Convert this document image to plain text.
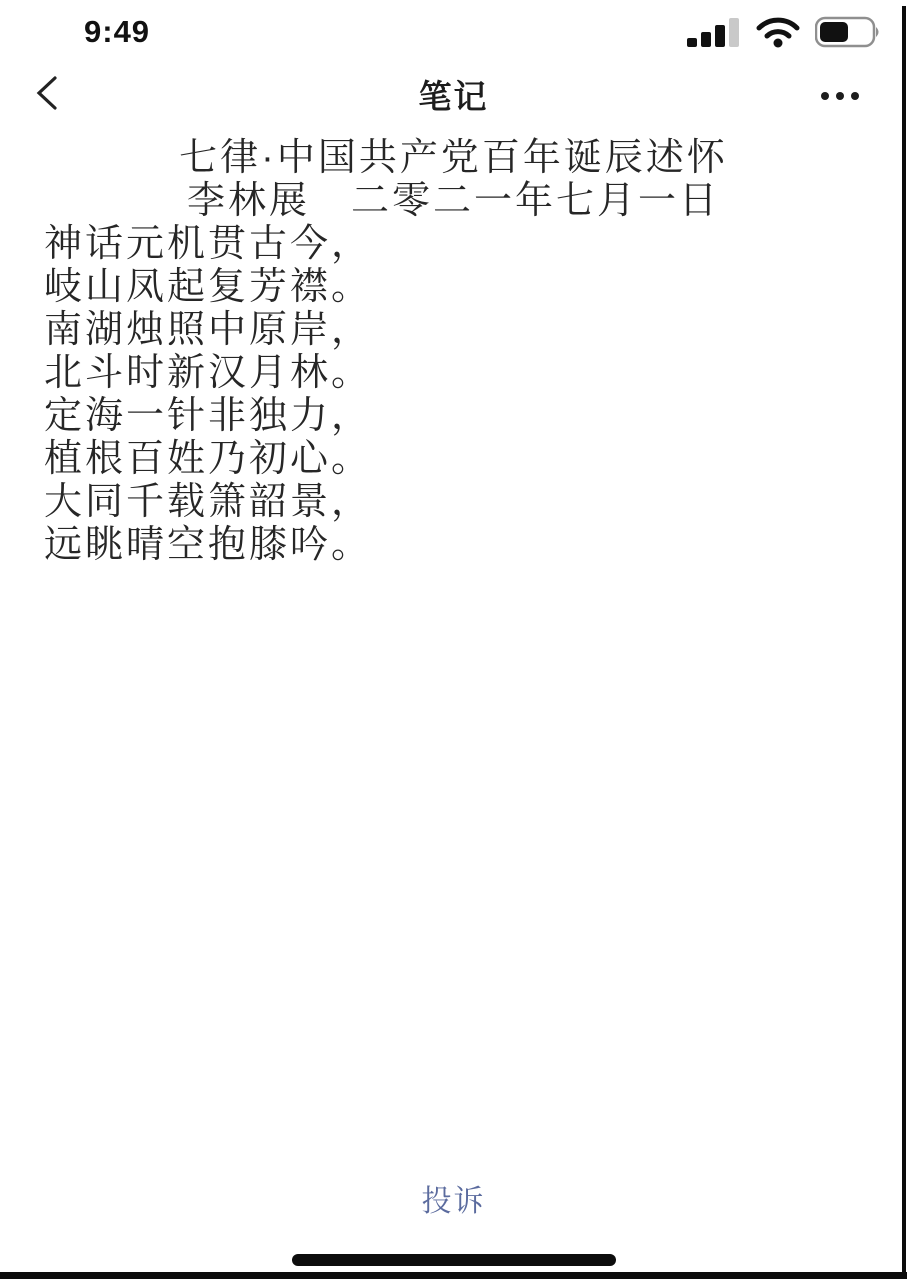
9:49
笔记
七律·中国共产党百年诞辰述怀
李林展　二零二一年七月一日
神话元机贯古今，
岐山凤起复芳襟。
南湖烛照中原岸，
北斗时新汉月林。
定海一针非独力，
植根百姓乃初心。
大同千载箫韶景，
远眺晴空抱膝吟。
投诉
